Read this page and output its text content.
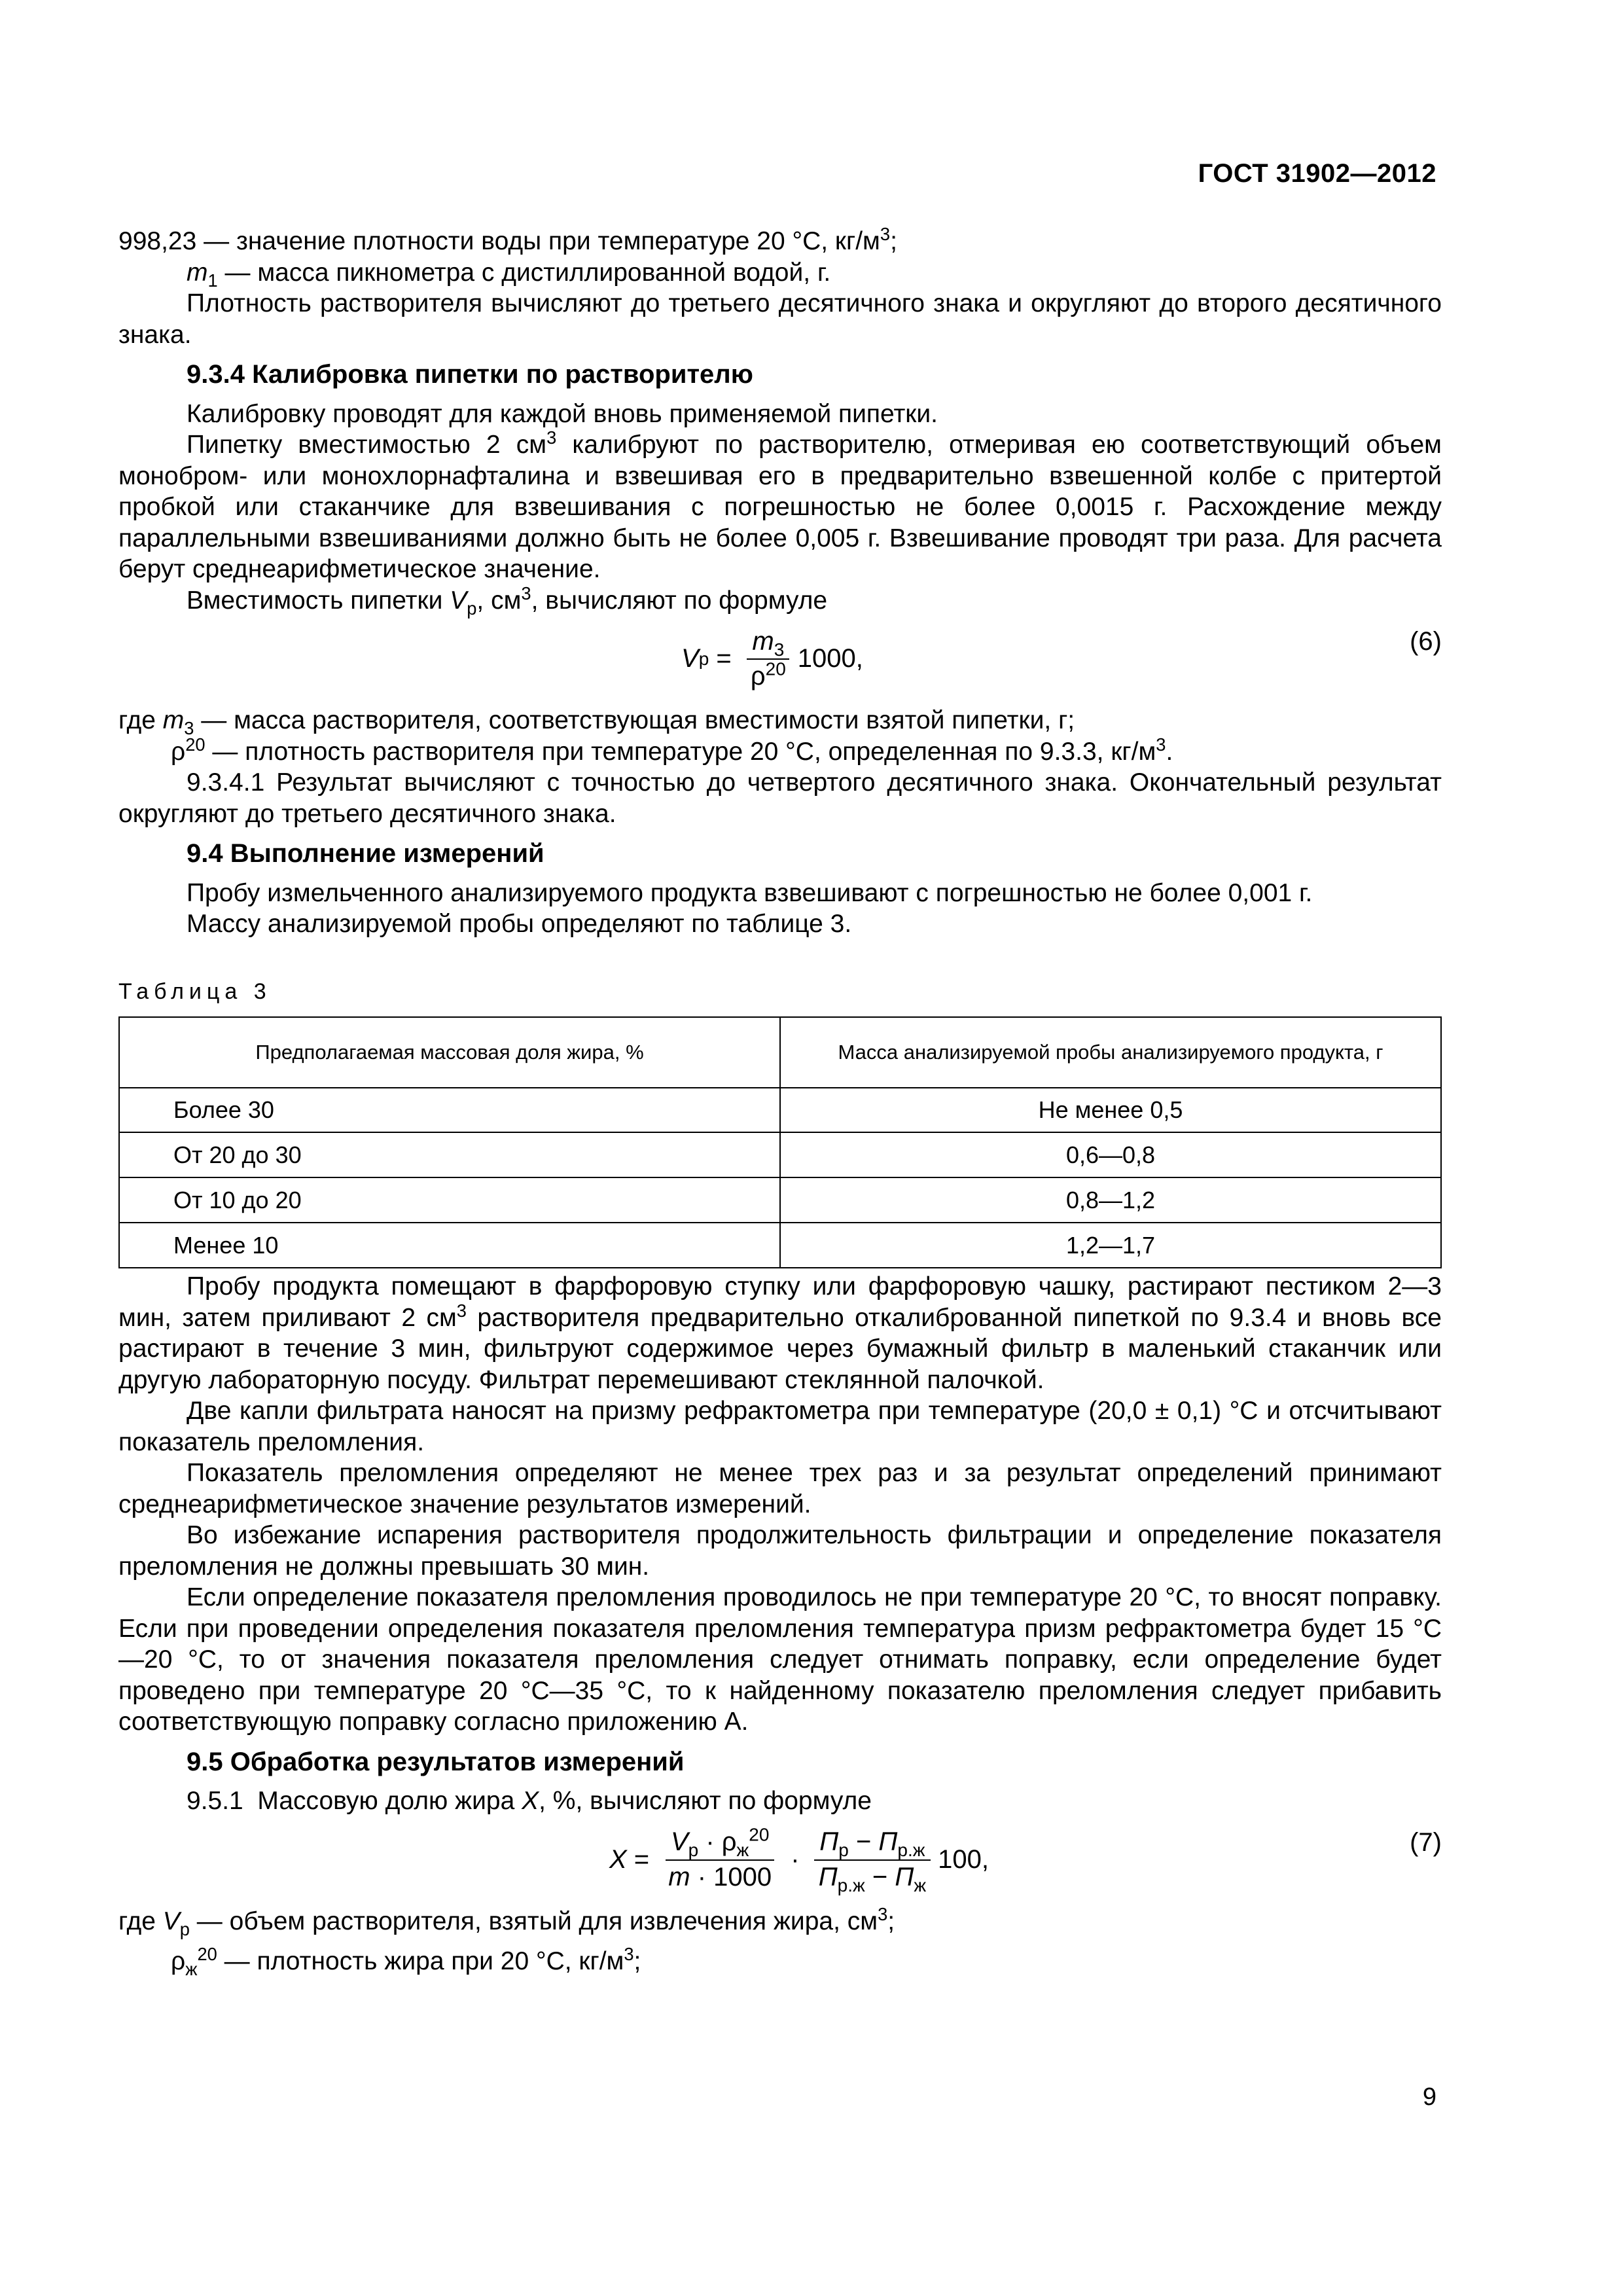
ГОСТ 31902—2012

998,23 — значение плотности воды при температуре 20 °С, $кг/м^3$;

$m_1$ — масса пикнометра с дистиллированной водой, г.

Плотность растворителя вычисляют до третьего десятичного знака и округляют до второго десятичного знака.

9.3.4 Калибровка пипетки по растворителю

Калибровку проводят для каждой вновь применяемой пипетки.

Пипетку вместимостью 2 $см^3$ калибруют по растворителю, отмеривая ею соответствующий объем монобром- или монохлорнафталина и взвешивая его в предварительно взвешенной колбе с притертой пробкой или стаканчике для взвешивания с погрешностью не более 0,0015 г. Расхождение между параллельными взвешиваниями должно быть не более 0,005 г. Взвешивание проводят три раза. Для расчета берут среднеарифметическое значение.

Вместимость пипетки $V_р$, $см^3$, вычисляют по формуле

V $р = \frac{m_3}{\rho^{20}} 1000$,
(6)

где $m_3$ — масса растворителя, соответствующая вместимости взятой пипетки, г;

$\rho^{20}$ — плотность растворителя при температуре 20 °С, определенная по 9.3.3, $кг/м^3$.

9.3.4.1 Результат вычисляют с точностью до четвертого десятичного знака. Окончательный результат округляют до третьего десятичного знака.

9.4 Выполнение измерений

Пробу измельченного анализируемого продукта взвешивают с погрешностью не более 0,001 г.

Массу анализируемой пробы определяют по таблице 3.

Таблица 3

Предполагаемая массовая доля жира, %	Масса анализируемой пробы анализируемого продукта, г
Более 30	Не менее 0,5
От 20 до 30	0,6—0,8
От 10 до 20	0,8—1,2
Менее 10	1,2—1,7

Пробу продукта помещают в фарфоровую ступку или фарфоровую чашку, растирают пестиком 2—3 мин, затем приливают 2 $см^3$ растворителя предварительно откалиброванной пипеткой по 9.3.4 и вновь все растирают в течение 3 мин, фильтруют содержимое через бумажный фильтр в маленький стаканчик или другую лабораторную посуду. Фильтрат перемешивают стеклянной палочкой.

Две капли фильтрата наносят на призму рефрактометра при температуре (20,0 ± 0,1) °С и отсчитывают показатель преломления.

Показатель преломления определяют не менее трех раз и за результат определений принимают среднеарифметическое значение результатов измерений.

Во избежание испарения растворителя продолжительность фильтрации и определение показателя преломления не должны превышать 30 мин.

Если определение показателя преломления проводилось не при температуре 20 °С, то вносят поправку. Если при проведении определения показателя преломления температура призм рефрактометра будет 15 °С—20 °С, то от значения показателя преломления следует отнимать поправку, если определение будет проведено при температуре 20 °С—35 °С, то к найденному показателю преломления следует прибавить соответствующую поправку согласно приложению А.

9.5 Обработка результатов измерений

9.5.1  Массовую долю жира X, %, вычисляют по формуле

$X = \frac{V_р \cdot \rho_ж^{20}}{m \cdot 1000} \cdot \frac{П_р - П_{р.ж}}{П_{р.ж} - П_ж} 100$,
(7)

где $V_р$ — объем растворителя, взятый для извлечения жира, $см^3$;

$\rho_ж^{20}$ — плотность жира при 20 °С, $кг/м^3$;

9
